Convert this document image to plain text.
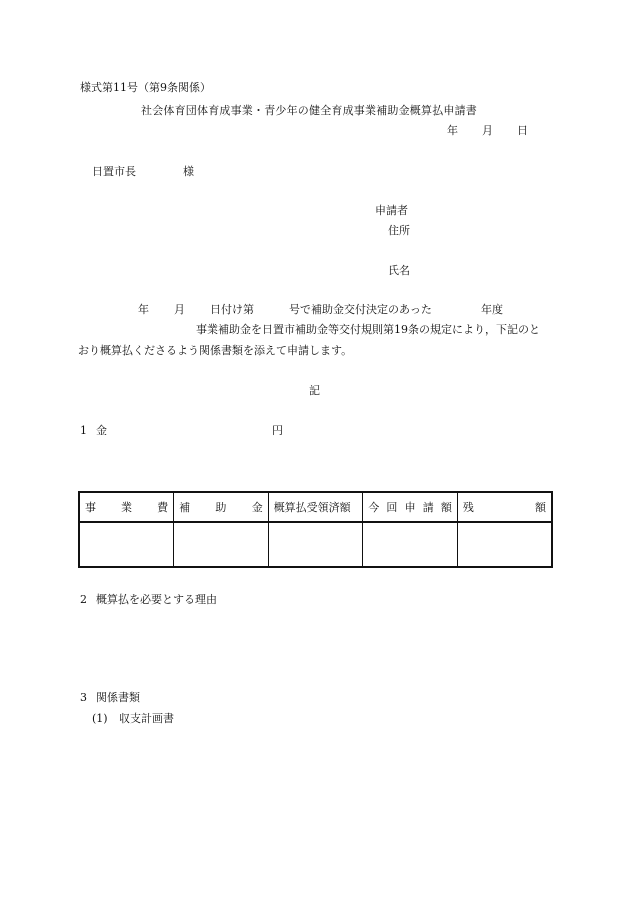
様式第11号（第9条関係）
社会体育団体育成事業・青少年の健全育成事業補助金概算払申請書
年 月 日
日置市長	様
申請者
住所
氏名
年 月 日付け第	号で補助金交付決定のあった	年度
事業補助金を日置市補助金等交付規則第19条の規定により，下記のと
おり概算払くださるよう関係書類を添えて申請します。
記
1 金	円
事 業 費	補 助 金	概算払受領済額	今 回 申 請 額	残 額

2 概算払を必要とする理由
3 関係書類
(1) 収支計画書
